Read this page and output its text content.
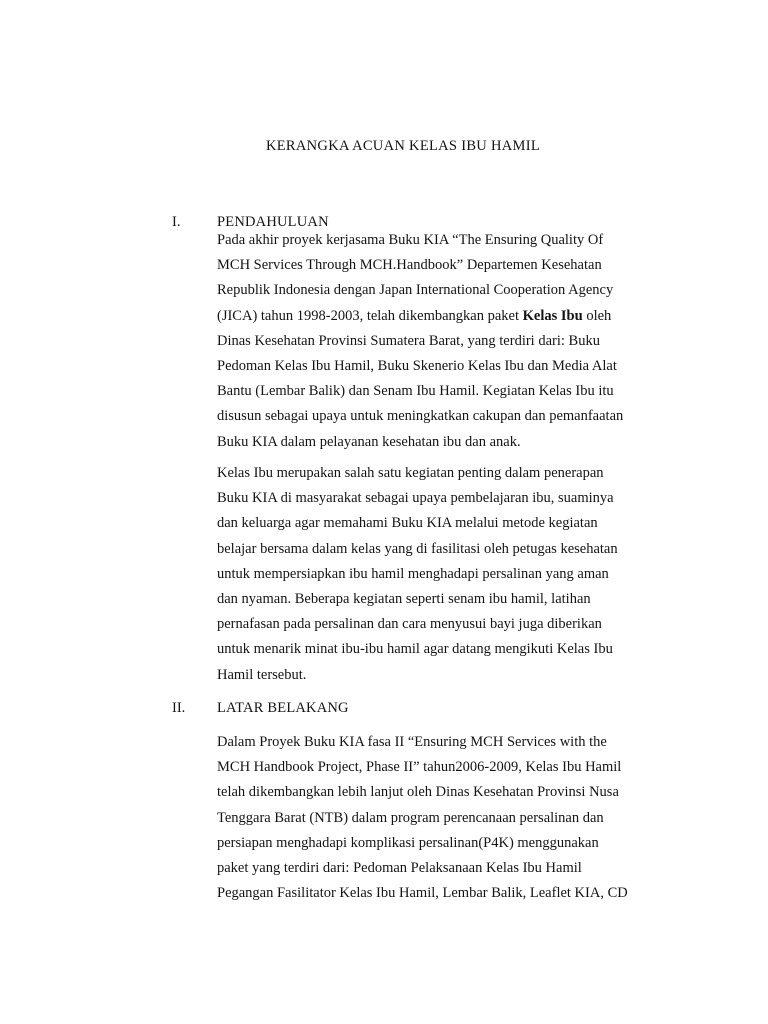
KERANGKA ACUAN KELAS IBU HAMIL
I.	PENDAHULUAN

Pada akhir proyek kerjasama Buku KIA “The Ensuring Quality Of
MCH Services Through MCH.Handbook” Departemen Kesehatan
Republik Indonesia dengan Japan International Cooperation Agency
(JICA) tahun 1998-2003, telah dikembangkan paket Kelas Ibu oleh
Dinas Kesehatan Provinsi Sumatera Barat, yang terdiri dari: Buku
Pedoman Kelas Ibu Hamil, Buku Skenerio Kelas Ibu dan Media Alat
Bantu (Lembar Balik) dan Senam Ibu Hamil. Kegiatan Kelas Ibu itu
disusun sebagai upaya untuk meningkatkan cakupan dan pemanfaatan
Buku KIA dalam pelayanan kesehatan ibu dan anak.

Kelas Ibu merupakan salah satu kegiatan penting dalam penerapan
Buku KIA di masyarakat sebagai upaya pembelajaran ibu, suaminya
dan keluarga agar memahami Buku KIA melalui metode kegiatan
belajar bersama dalam kelas yang di fasilitasi oleh petugas kesehatan
untuk mempersiapkan ibu hamil menghadapi persalinan yang aman
dan nyaman. Beberapa kegiatan seperti senam ibu hamil, latihan
pernafasan pada persalinan dan cara menyusui bayi juga diberikan
untuk menarik minat ibu-ibu hamil agar datang mengikuti Kelas Ibu
Hamil tersebut.

II. LATAR BELAKANG

Dalam Proyek Buku KIA fasa II “Ensuring MCH Services with the
MCH Handbook Project, Phase II” tahun2006-2009, Kelas Ibu Hamil
telah dikembangkan lebih lanjut oleh Dinas Kesehatan Provinsi Nusa
Tenggara Barat (NTB) dalam program perencanaan persalinan dan
persiapan menghadapi komplikasi persalinan(P4K) menggunakan
paket yang terdiri dari: Pedoman Pelaksanaan Kelas Ibu Hamil
Pegangan Fasilitator Kelas Ibu Hamil, Lembar Balik, Leaflet KIA, CD
